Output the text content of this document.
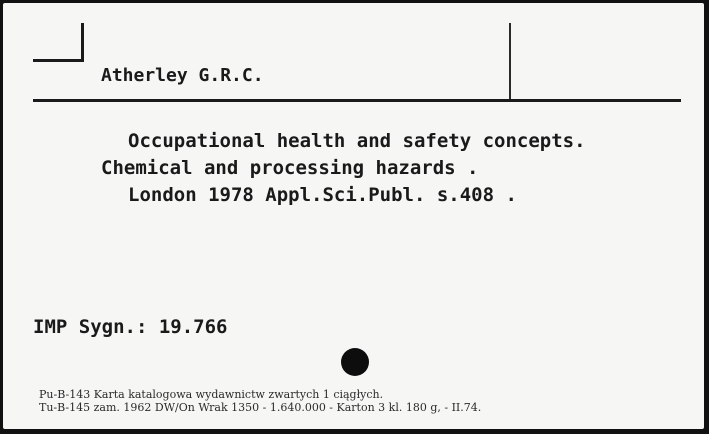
Atherley G.R.C.
Occupational health and safety concepts.
Chemical and processing hazards .
London 1978 Appl.Sci.Publ. s.408 .
IMP Sygn.: 19.766
Pu-B-143 Karta katalogowa wydawnictw zwartych 1 ciągłych.
Tu-B-145 zam. 1962 DW/On Wrak 1350 - 1.640.000 - Karton 3 kl. 180 g, - II.74.
